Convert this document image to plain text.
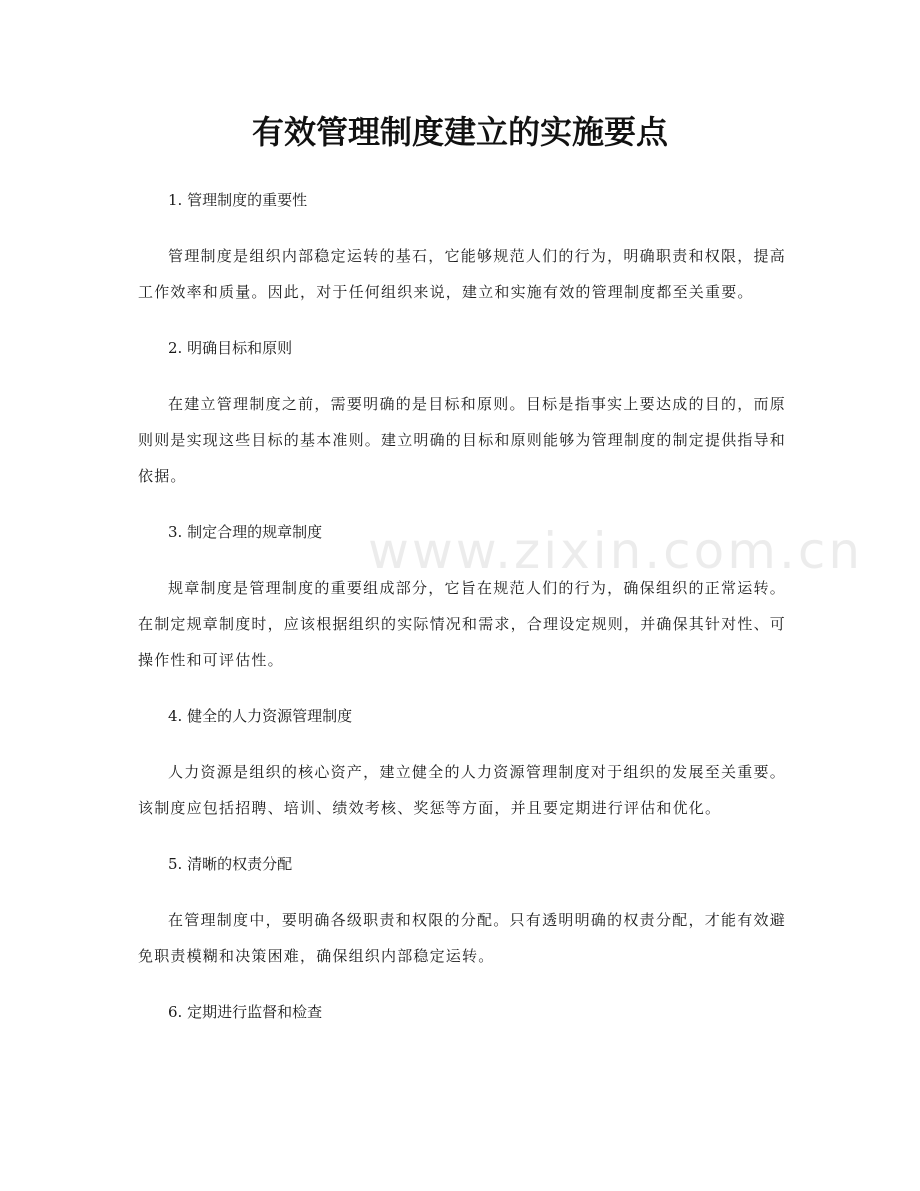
有效管理制度建立的实施要点

1. 管理制度的重要性

管理制度是组织内部稳定运转的基石，它能够规范人们的行为，明确职责和权限，提高工作效率和质量。因此，对于任何组织来说，建立和实施有效的管理制度都至关重要。

2. 明确目标和原则

在建立管理制度之前，需要明确的是目标和原则。目标是指事实上要达成的目的，而原则则是实现这些目标的基本准则。建立明确的目标和原则能够为管理制度的制定提供指导和依据。

3. 制定合理的规章制度

规章制度是管理制度的重要组成部分，它旨在规范人们的行为，确保组织的正常运转。在制定规章制度时，应该根据组织的实际情况和需求，合理设定规则，并确保其针对性、可操作性和可评估性。

4. 健全的人力资源管理制度

人力资源是组织的核心资产，建立健全的人力资源管理制度对于组织的发展至关重要。该制度应包括招聘、培训、绩效考核、奖惩等方面，并且要定期进行评估和优化。

5. 清晰的权责分配

在管理制度中，要明确各级职责和权限的分配。只有透明明确的权责分配，才能有效避免职责模糊和决策困难，确保组织内部稳定运转。

6. 定期进行监督和检查

www.zixin.com.cn
